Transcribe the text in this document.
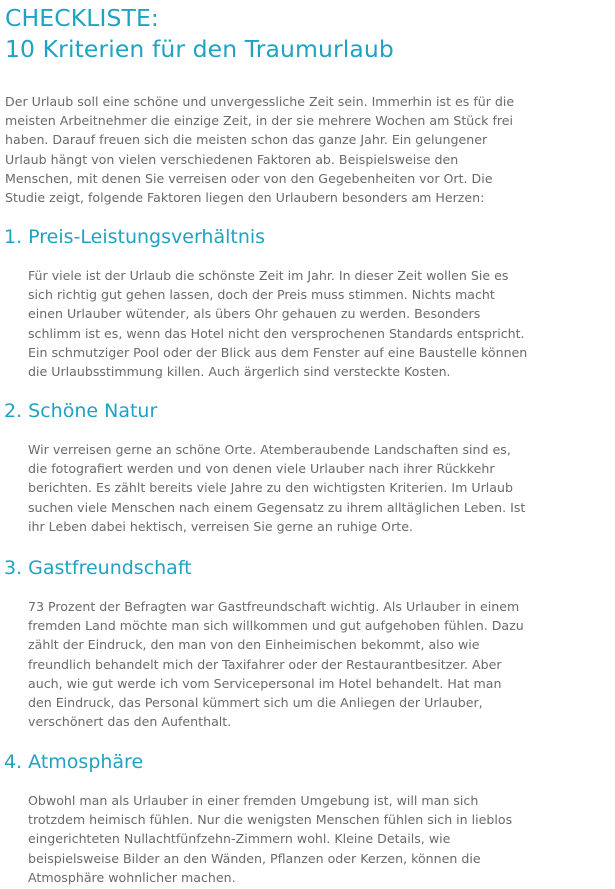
CHECKLISTE:
10 Kriterien für den Traumurlaub

Der Urlaub soll eine schöne und unvergessliche Zeit sein. Immerhin ist es für die
meisten Arbeitnehmer die einzige Zeit, in der sie mehrere Wochen am Stück frei
haben. Darauf freuen sich die meisten schon das ganze Jahr. Ein gelungener
Urlaub hängt von vielen verschiedenen Faktoren ab. Beispielsweise den
Menschen, mit denen Sie verreisen oder von den Gegebenheiten vor Ort. Die
Studie zeigt, folgende Faktoren liegen den Urlaubern besonders am Herzen:

1. Preis-Leistungsverhältnis

Für viele ist der Urlaub die schönste Zeit im Jahr. In dieser Zeit wollen Sie es
sich richtig gut gehen lassen, doch der Preis muss stimmen. Nichts macht
einen Urlauber wütender, als übers Ohr gehauen zu werden. Besonders
schlimm ist es, wenn das Hotel nicht den versprochenen Standards entspricht.
Ein schmutziger Pool oder der Blick aus dem Fenster auf eine Baustelle können
die Urlaubsstimmung killen. Auch ärgerlich sind versteckte Kosten.

2. Schöne Natur

Wir verreisen gerne an schöne Orte. Atemberaubende Landschaften sind es,
die fotografiert werden und von denen viele Urlauber nach ihrer Rückkehr
berichten. Es zählt bereits viele Jahre zu den wichtigsten Kriterien. Im Urlaub
suchen viele Menschen nach einem Gegensatz zu ihrem alltäglichen Leben. Ist
ihr Leben dabei hektisch, verreisen Sie gerne an ruhige Orte.

3. Gastfreundschaft

73 Prozent der Befragten war Gastfreundschaft wichtig. Als Urlauber in einem
fremden Land möchte man sich willkommen und gut aufgehoben fühlen. Dazu
zählt der Eindruck, den man von den Einheimischen bekommt, also wie
freundlich behandelt mich der Taxifahrer oder der Restaurantbesitzer. Aber
auch, wie gut werde ich vom Servicepersonal im Hotel behandelt. Hat man
den Eindruck, das Personal kümmert sich um die Anliegen der Urlauber,
verschönert das den Aufenthalt.

4. Atmosphäre

Obwohl man als Urlauber in einer fremden Umgebung ist, will man sich
trotzdem heimisch fühlen. Nur die wenigsten Menschen fühlen sich in lieblos
eingerichteten Nullachtfünfzehn-Zimmern wohl. Kleine Details, wie
beispielsweise Bilder an den Wänden, Pflanzen oder Kerzen, können die
Atmosphäre wohnlicher machen.
